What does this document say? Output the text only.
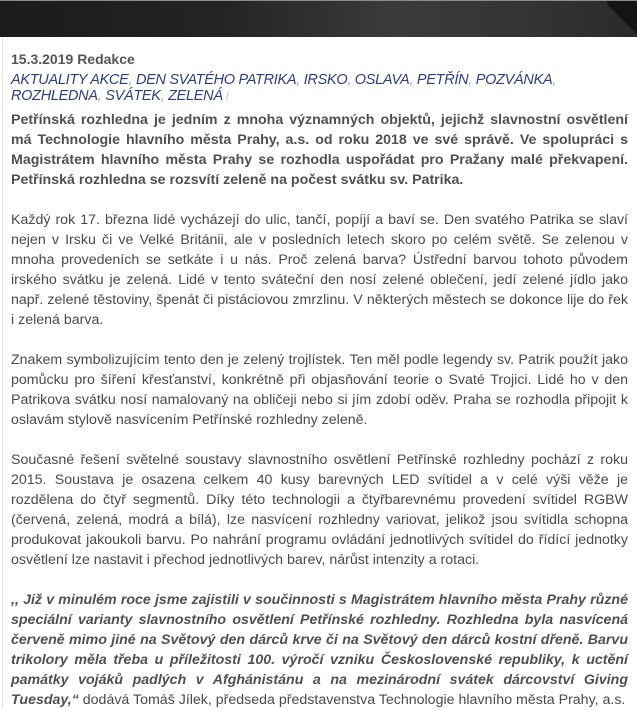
15.3.2019 Redakce
AKTUALITY AKCE, DEN SVATÉHO PATRIKA, IRSKO, OSLAVA, PETŘÍN, POZVÁNKA, ROZHLEDNA, SVÁTEK, ZELENÁ /

Petřínská rozhledna je jedním z mnoha významných objektů, jejichž slavnostní osvětlení má Technologie hlavního města Prahy, a.s. od roku 2018 ve své správě. Ve spolupráci s Magistrátem hlavního města Prahy se rozhodla uspořádat pro Pražany malé překvapení. Petřínská rozhledna se rozsvítí zeleně na počest svátku sv. Patrika.

Každý rok 17. března lidé vycházejí do ulic, tančí, popíjí a baví se. Den svatého Patrika se slaví nejen v Irsku či ve Velké Británii, ale v posledních letech skoro po celém světě. Se zelenou v mnoha provedeních se setkáte i u nás. Proč zelená barva? Ústřední barvou tohoto původem irského svátku je zelená. Lidé v tento sváteční den nosí zelené oblečení, jedí zelené jídlo jako např. zelené těstoviny, špenát či pistáciovou zmrzlinu. V některých městech se dokonce lije do řek i zelená barva.

Znakem symbolizujícím tento den je zelený trojlístek. Ten měl podle legendy sv. Patrik použít jako pomůcku pro šíření křesťanství, konkrétně při objasňování teorie o Svaté Trojici. Lidé ho v den Patrikova svátku nosí namalovaný na obličeji nebo si jím zdobí oděv. Praha se rozhodla připojit k oslavám stylově nasvícením Petřínské rozhledny zeleně.

Současné řešení světelné soustavy slavnostního osvětlení Petřínské rozhledny pochází z roku 2015. Soustava je osazena celkem 40 kusy barevných LED svítidel a v celé výši věže je rozdělena do čtyř segmentů. Díky této technologii a čtyřbarevnému provedení svítidel RGBW (červená, zelená, modrá a bílá), lze nasvícení rozhledny variovat, jelikož jsou svítidla schopna produkovat jakoukoli barvu. Po nahrání programu ovládání jednotlivých svítidel do řídící jednotky osvětlení lze nastavit i přechod jednotlivých barev, nárůst intenzity a rotaci.

,, Již v minulém roce jsme zajistili v součinnosti s Magistrátem hlavního města Prahy různé speciální varianty slavnostního osvětlení Petřínské rozhledny. Rozhledna byla nasvícená červeně mimo jiné na Světový den dárců krve či na Světový den dárců kostní dřeně. Barvu trikolory měla třeba u příležitosti 100. výročí vzniku Československé republiky, k uctění památky vojáků padlých v Afghánistánu a na mezinárodní svátek dárcovství Giving Tuesday,“ dodává Tomáš Jílek, předseda představenstva Technologie hlavního města Prahy, a.s.
